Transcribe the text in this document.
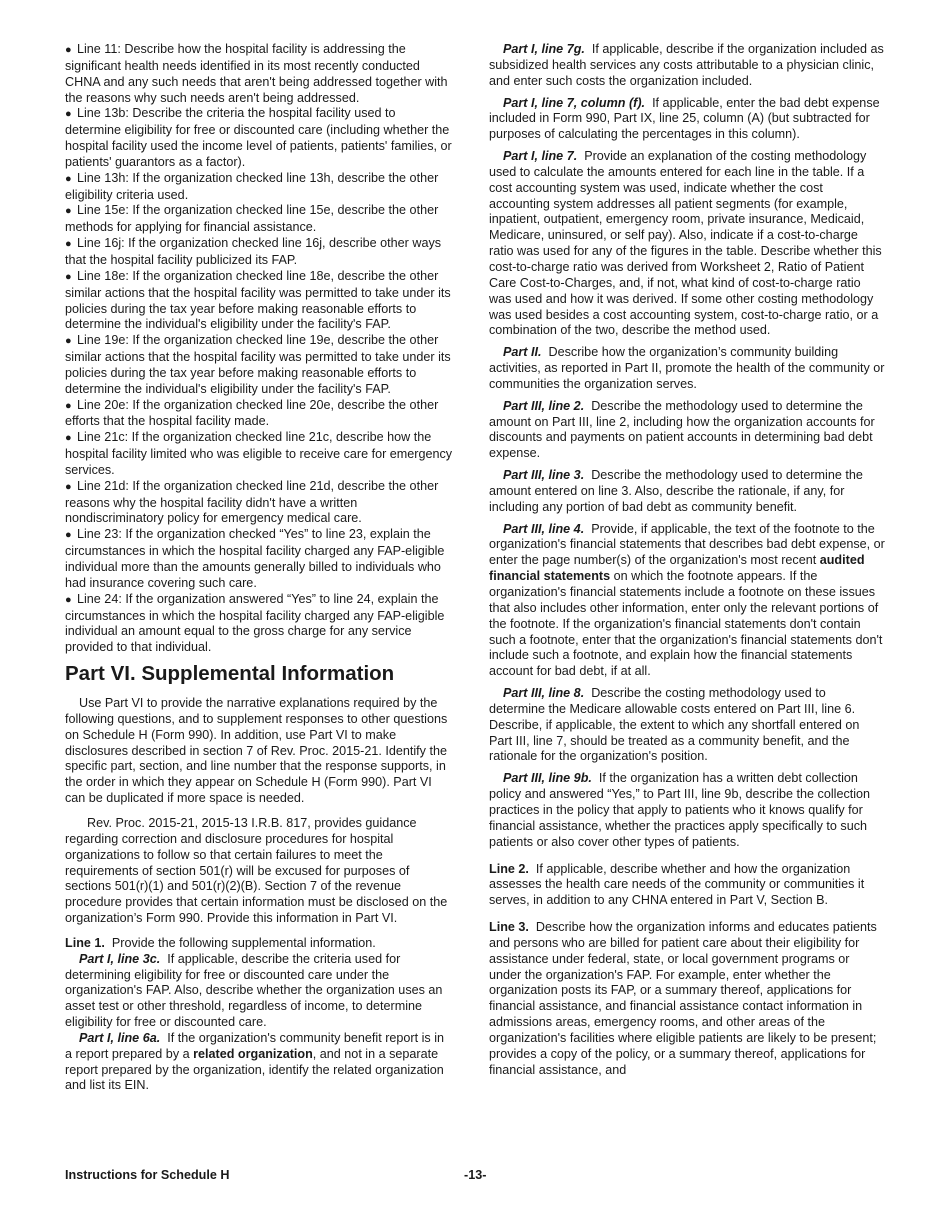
● Line 11: Describe how the hospital facility is addressing the significant health needs identified in its most recently conducted CHNA and any such needs that aren't being addressed together with the reasons why such needs aren't being addressed.

● Line 13b: Describe the criteria the hospital facility used to determine eligibility for free or discounted care (including whether the hospital facility used the income level of patients, patients' families, or patients' guarantors as a factor).

● Line 13h: If the organization checked line 13h, describe the other eligibility criteria used.

● Line 15e: If the organization checked line 15e, describe the other methods for applying for financial assistance.

● Line 16j: If the organization checked line 16j, describe other ways that the hospital facility publicized its FAP.

● Line 18e: If the organization checked line 18e, describe the other similar actions that the hospital facility was permitted to take under its policies during the tax year before making reasonable efforts to determine the individual's eligibility under the facility's FAP.

● Line 19e: If the organization checked line 19e, describe the other similar actions that the hospital facility was permitted to take under its policies during the tax year before making reasonable efforts to determine the individual's eligibility under the facility's FAP.

● Line 20e: If the organization checked line 20e, describe the other efforts that the hospital facility made.

● Line 21c: If the organization checked line 21c, describe how the hospital facility limited who was eligible to receive care for emergency services.

● Line 21d: If the organization checked line 21d, describe the other reasons why the hospital facility didn't have a written nondiscriminatory policy for emergency medical care.

● Line 23: If the organization checked “Yes” to line 23, explain the circumstances in which the hospital facility charged any FAP-eligible individual more than the amounts generally billed to individuals who had insurance covering such care.

● Line 24: If the organization answered “Yes” to line 24, explain the circumstances in which the hospital facility charged any FAP-eligible individual an amount equal to the gross charge for any service provided to that individual.

Part VI. Supplemental Information

Use Part VI to provide the narrative explanations required by the following questions, and to supplement responses to other questions on Schedule H (Form 990). In addition, use Part VI to make disclosures described in section 7 of Rev. Proc. 2015-21. Identify the specific part, section, and line number that the response supports, in the order in which they appear on Schedule H (Form 990). Part VI can be duplicated if more space is needed.

Rev. Proc. 2015-21, 2015-13 I.R.B. 817, provides guidance regarding correction and disclosure procedures for hospital organizations to follow so that certain failures to meet the requirements of section 501(r) will be excused for purposes of sections 501(r)(1) and 501(r)(2)(B). Section 7 of the revenue procedure provides that certain information must be disclosed on the organization’s Form 990. Provide this information in Part VI.

Line 1. Provide the following supplemental information.

Part I, line 3c. If applicable, describe the criteria used for determining eligibility for free or discounted care under the organization's FAP. Also, describe whether the organization uses an asset test or other threshold, regardless of income, to determine eligibility for free or discounted care.

Part I, line 6a. If the organization's community benefit report is in a report prepared by a related organization, and not in a separate report prepared by the organization, identify the related organization and list its EIN.

Part I, line 7g. If applicable, describe if the organization included as subsidized health services any costs attributable to a physician clinic, and enter such costs the organization included.

Part I, line 7, column (f). If applicable, enter the bad debt expense included in Form 990, Part IX, line 25, column (A) (but subtracted for purposes of calculating the percentages in this column).

Part I, line 7. Provide an explanation of the costing methodology used to calculate the amounts entered for each line in the table. If a cost accounting system was used, indicate whether the cost accounting system addresses all patient segments (for example, inpatient, outpatient, emergency room, private insurance, Medicaid, Medicare, uninsured, or self pay). Also, indicate if a cost-to-charge ratio was used for any of the figures in the table. Describe whether this cost-to-charge ratio was derived from Worksheet 2, Ratio of Patient Care Cost-to-Charges, and, if not, what kind of cost-to-charge ratio was used and how it was derived. If some other costing methodology was used besides a cost accounting system, cost-to-charge ratio, or a combination of the two, describe the method used.

Part II. Describe how the organization’s community building activities, as reported in Part II, promote the health of the community or communities the organization serves.

Part III, line 2. Describe the methodology used to determine the amount on Part III, line 2, including how the organization accounts for discounts and payments on patient accounts in determining bad debt expense.

Part III, line 3. Describe the methodology used to determine the amount entered on line 3. Also, describe the rationale, if any, for including any portion of bad debt as community benefit.

Part III, line 4. Provide, if applicable, the text of the footnote to the organization's financial statements that describes bad debt expense, or enter the page number(s) of the organization's most recent audited financial statements on which the footnote appears. If the organization's financial statements include a footnote on these issues that also includes other information, enter only the relevant portions of the footnote. If the organization's financial statements don't contain such a footnote, enter that the organization's financial statements don't include such a footnote, and explain how the financial statements account for bad debt, if at all.

Part III, line 8. Describe the costing methodology used to determine the Medicare allowable costs entered on Part III, line 6. Describe, if applicable, the extent to which any shortfall entered on Part III, line 7, should be treated as a community benefit, and the rationale for the organization's position.

Part III, line 9b. If the organization has a written debt collection policy and answered “Yes,” to Part III, line 9b, describe the collection practices in the policy that apply to patients who it knows qualify for financial assistance, whether the practices apply specifically to such patients or also cover other types of patients.

Line 2. If applicable, describe whether and how the organization assesses the health care needs of the community or communities it serves, in addition to any CHNA entered in Part V, Section B.

Line 3. Describe how the organization informs and educates patients and persons who are billed for patient care about their eligibility for assistance under federal, state, or local government programs or under the organization's FAP. For example, enter whether the organization posts its FAP, or a summary thereof, applications for financial assistance, and financial assistance contact information in admissions areas, emergency rooms, and other areas of the organization's facilities where eligible patients are likely to be present; provides a copy of the policy, or a summary thereof, applications for financial assistance, and

Instructions for Schedule H	-13-
